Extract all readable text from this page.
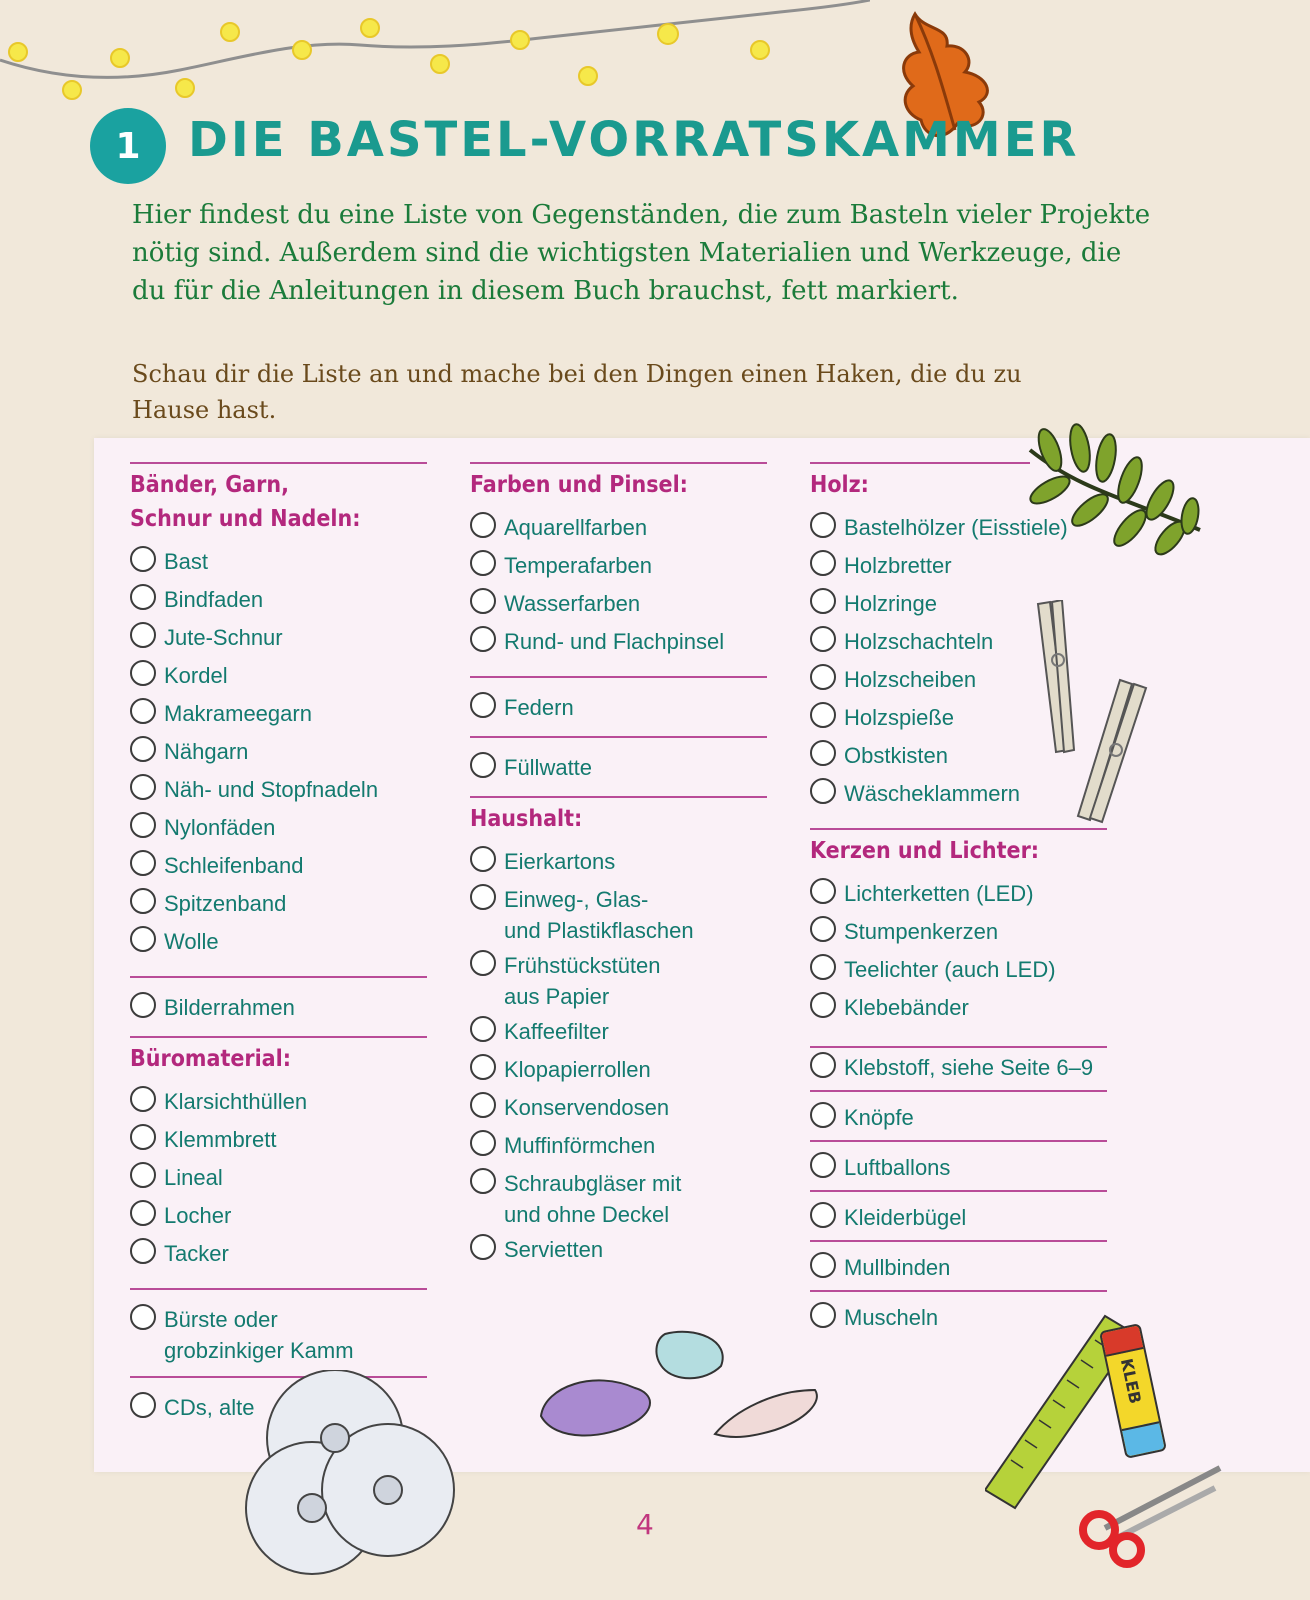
1 DIE BASTEL-VORRATSKAMMER
Hier findest du eine Liste von Gegenständen, die zum Basteln vieler Projekte nötig sind. Außerdem sind die wichtigsten Materialien und Werkzeuge, die du für die Anleitungen in diesem Buch brauchst, fett markiert.
Schau dir die Liste an und mache bei den Dingen einen Haken, die du zu Hause hast.
Bänder, Garn,
Schnur und Nadeln:
Bast
Bindfaden
Jute-Schnur
Kordel
Makrameegarn
Nähgarn
Näh- und Stopfnadeln
Nylonfäden
Schleifenband
Spitzenband
Wolle
Bilderrahmen
Büromaterial:
Klarsichthüllen
Klemmbrett
Lineal
Locher
Tacker
Bürste oder
grobzinkiger Kamm
CDs, alte
Farben und Pinsel:
Aquarellfarben
Temperafarben
Wasserfarben
Rund- und Flachpinsel
Federn
Füllwatte
Haushalt:
Eierkartons
Einweg-, Glas-
und Plastikflaschen
Frühstückstüten
aus Papier
Kaffeefilter
Klopapierrollen
Konservendosen
Muffinförmchen
Schraubgläser mit
und ohne Deckel
Servietten
Holz:
Bastelhölzer (Eisstiele)
Holzbretter
Holzringe
Holzschachteln
Holzscheiben
Holzspieße
Obstkisten
Wäscheklammern
Kerzen und Lichter:
Lichterketten (LED)
Stumpenkerzen
Teelichter (auch LED)
Klebebänder
Klebstoff, siehe Seite 6–9
Knöpfe
Luftballons
Kleiderbügel
Mullbinden
Muscheln
KLEB
4
